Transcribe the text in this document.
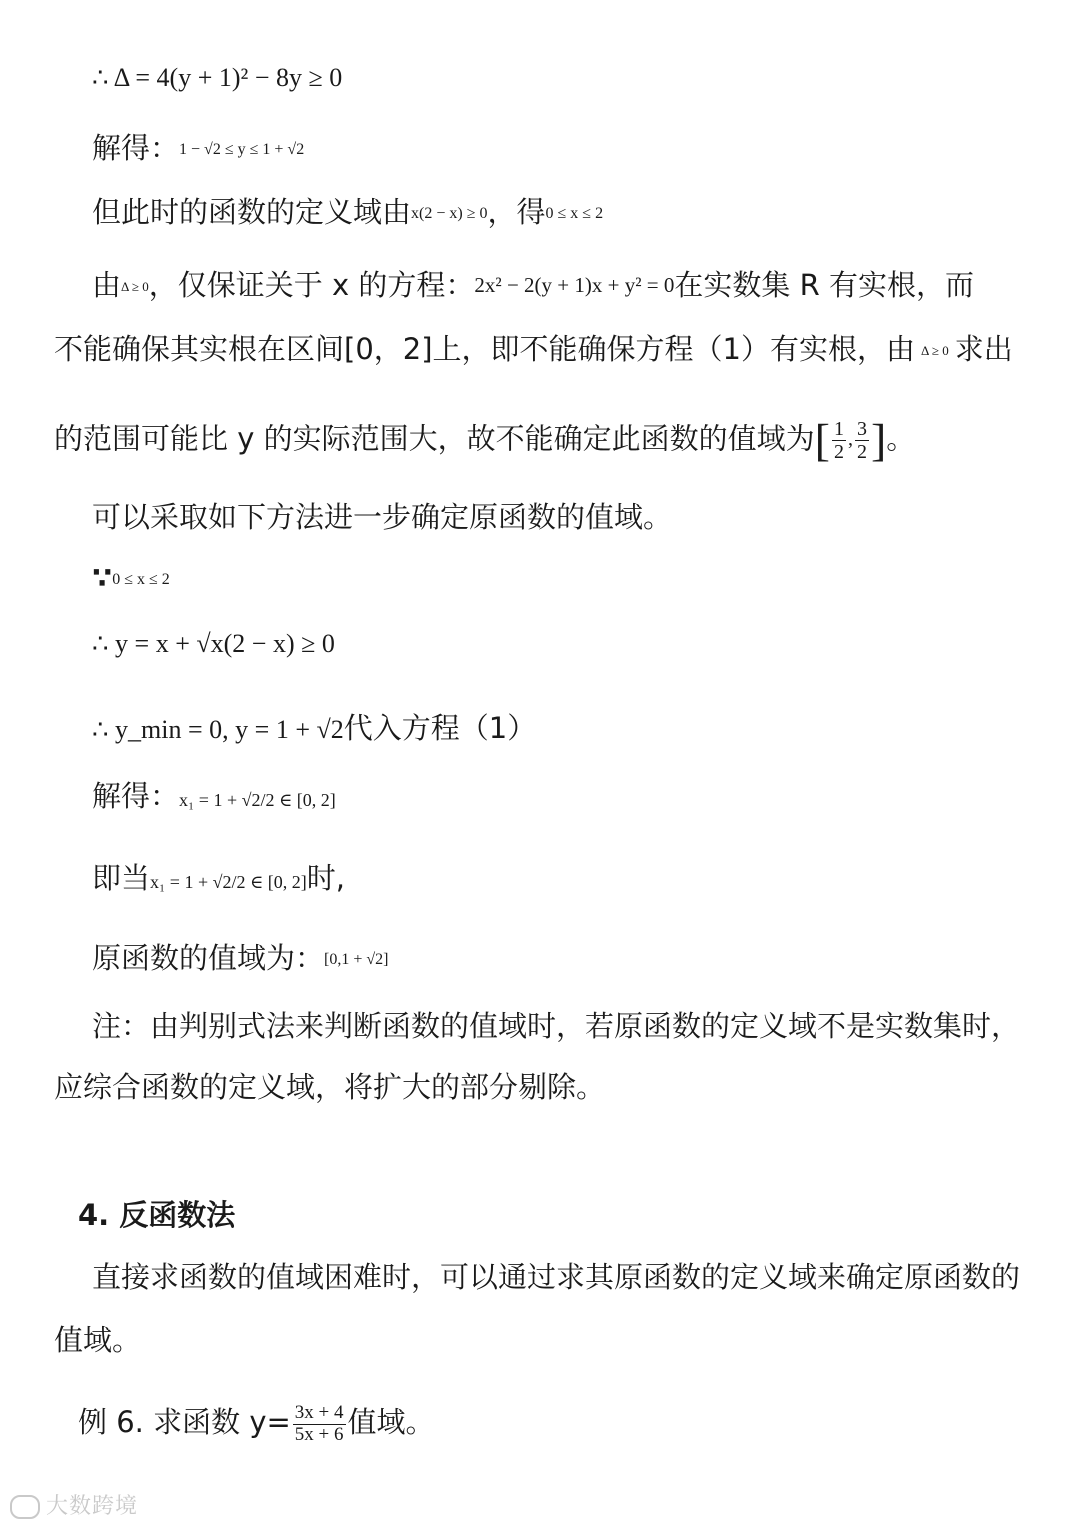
∴ Δ = 4(y + 1)² − 8y ≥ 0
解得：1 − √2 ≤ y ≤ 1 + √2
但此时的函数的定义域由x(2 − x) ≥ 0，得0 ≤ x ≤ 2
由Δ ≥ 0，仅保证关于 x 的方程：2x² − 2(y + 1)x + y² = 0在实数集 R 有实根，而
不能确保其实根在区间[0，2]上，即不能确保方程（1）有实根，由 Δ ≥ 0 求出
的范围可能比 y 的实际范围大，故不能确定此函数的值域为[ $\frac{1}{2}$ , $\frac{3}{2}$ ]。
可以采取如下方法进一步确定原函数的值域。
∵0 ≤ x ≤ 2
∴ y = x + √x(2 − x) ≥ 0
∴ y_min = 0, y = 1 + √2代入方程（1）
解得：x₁ = 1 + √2/2 ∈ [0, 2]
即当x₁ = 1 + √2/2 ∈ [0, 2]时,
原函数的值域为：[0,1 + √2]
注：由判别式法来判断函数的值域时，若原函数的定义域不是实数集时，
应综合函数的定义域，将扩大的部分剔除。
4. 反函数法
直接求函数的值域困难时，可以通过求其原函数的定义域来确定原函数的
值域。
例 6. 求函数 $y= \frac{3x + 4}{5x + 6}$ 值域。
大数跨境
